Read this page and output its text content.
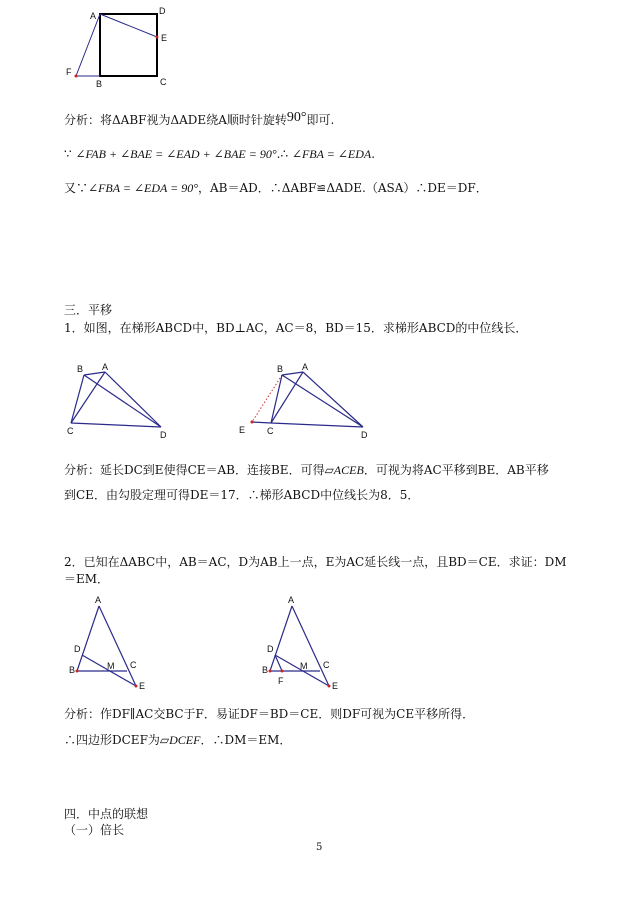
A	D
E
F
B	C
分析：将ΔABF视为ΔADE绕A顺时针旋转90°即可.
∵ ∠FAB + ∠BAE = ∠EAD + ∠BAE = 90°.∴ ∠FBA = ∠EDA.
又∵∠FBA = ∠EDA = 90°，AB＝AD．∴ΔABF≌ΔADE.（ASA）∴DE＝DF．
三．平移
1．如图，在梯形ABCD中，BD⊥AC，AC＝8，BD＝15．求梯形ABCD的中位线长．
B A
C	D
B A
E C	D
分析：延长DC到E使得CE＝AB．连接BE．可得▱ACEB．可视为将AC平移到BE．AB平移
到CE．由勾股定理可得DE＝17．∴梯形ABCD中位线长为8．5．
2．已知在ΔABC中，AB＝AC，D为AB上一点，E为AC延长线一点，且BD＝CE．求证：DM
＝EM．
A
D
B	M C
E
A
D
B
F
M C
E
分析：作DF∥AC交BC于F．易证DF＝BD＝CE．则DF可视为CE平移所得．
∴四边形DCEF为▱DCEF．∴DM＝EM．
四．中点的联想
（一）倍长
5
